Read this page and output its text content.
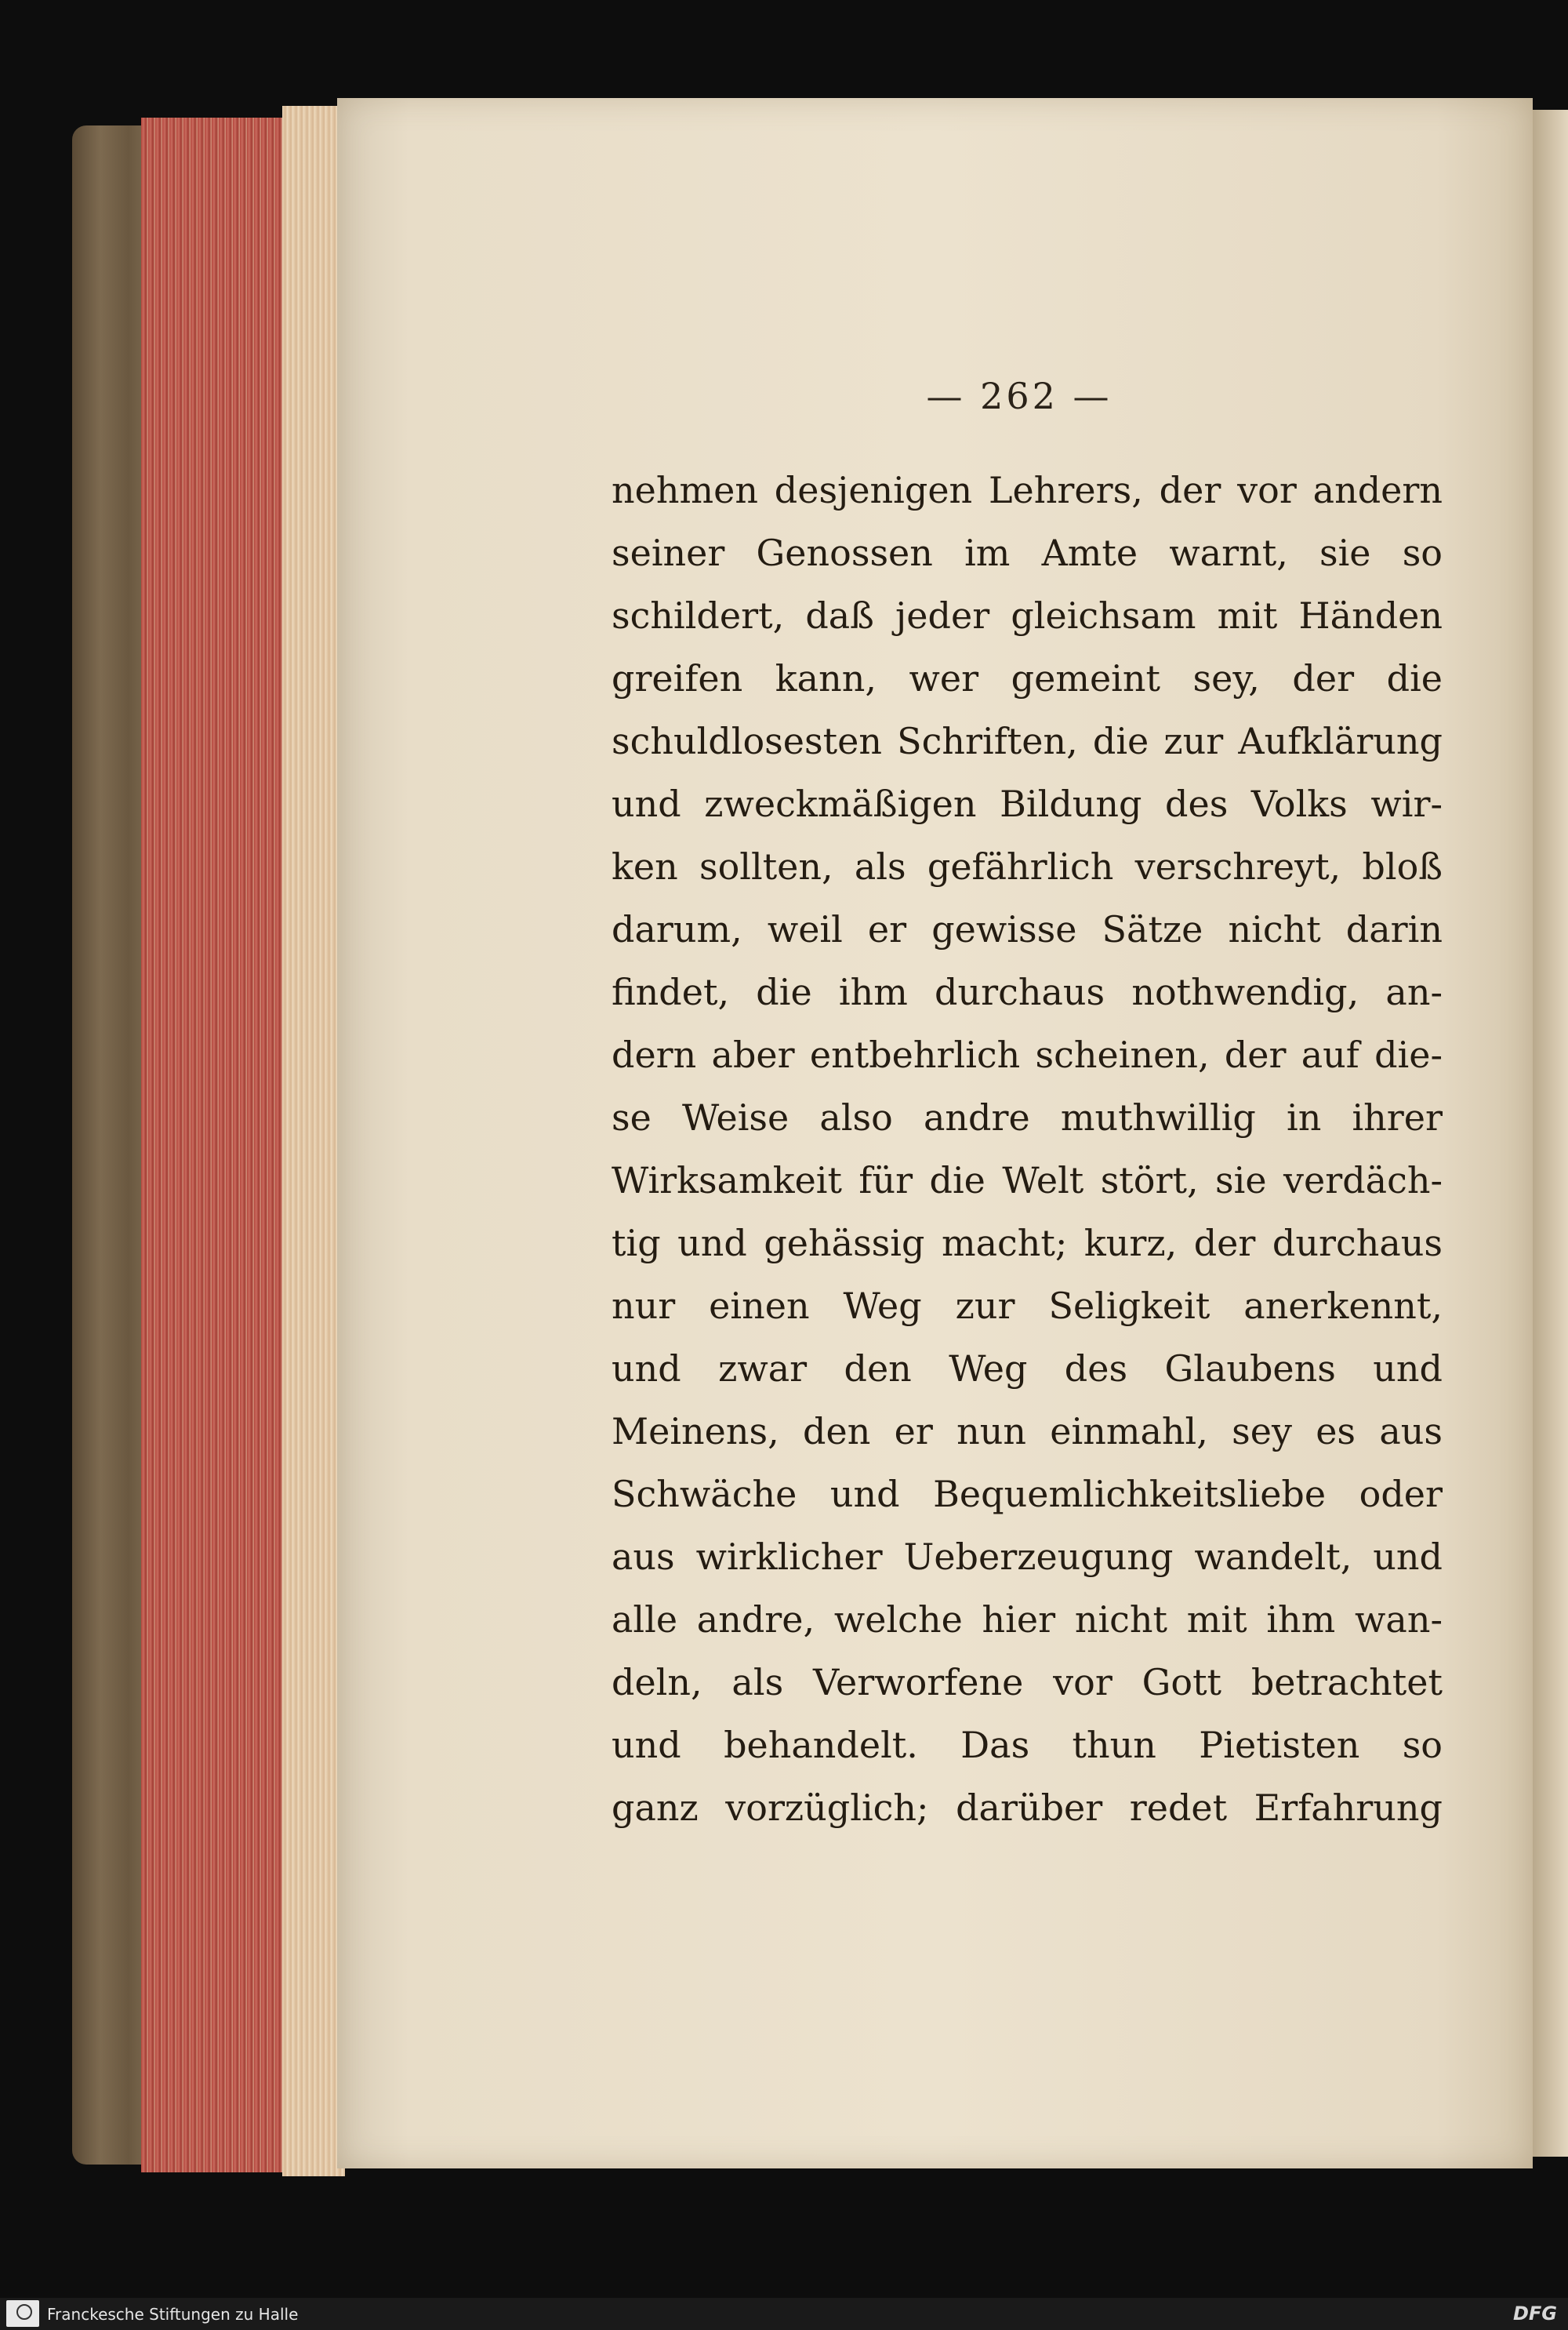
— 262 —
nehmen desjenigen Lehrers, der vor andern
seiner Genossen im Amte warnt, sie so
schildert, daß jeder gleichsam mit Händen
greifen kann, wer gemeint sey, der die
schuldlosesten Schriften, die zur Aufklärung
und zweckmäßigen Bildung des Volks wir-
ken sollten, als gefährlich verschreyt, bloß
darum, weil er gewisse Sätze nicht darin
findet, die ihm durchaus nothwendig, an-
dern aber entbehrlich scheinen, der auf die-
se Weise also andre muthwillig in ihrer
Wirksamkeit für die Welt stört, sie verdäch-
tig und gehässig macht; kurz, der durchaus
nur einen Weg zur Seligkeit anerkennt,
und zwar den Weg des Glaubens und
Meinens, den er nun einmahl, sey es aus
Schwäche und Bequemlichkeitsliebe oder
aus wirklicher Ueberzeugung wandelt, und
alle andre, welche hier nicht mit ihm wan-
deln, als Verworfene vor Gott betrachtet
und behandelt. Das thun Pietisten so
ganz vorzüglich; darüber redet Erfahrung
Franckesche Stiftungen zu Halle	DFG
